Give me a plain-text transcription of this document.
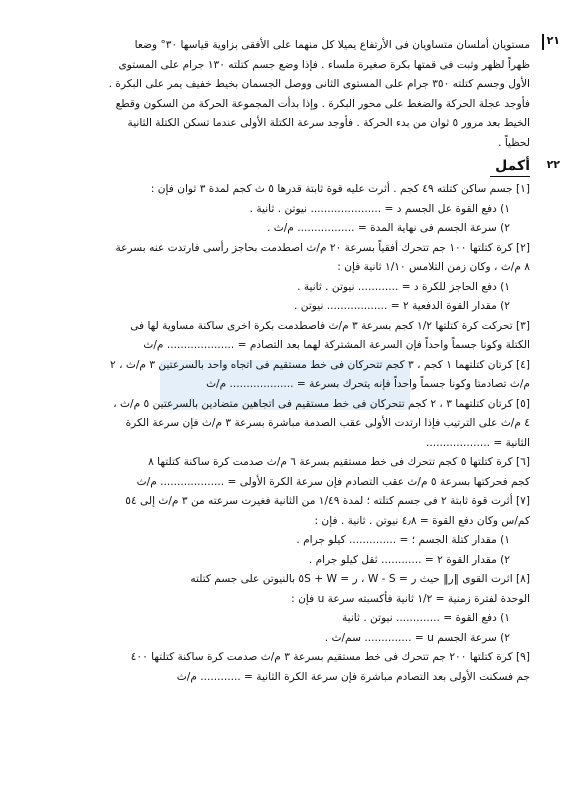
٢١
مستويان أملسان متساويان فى الأرتفاع يميلا كل منهما على الأفقى بزاوية قياسها ٣٠° وضعا
ظهراً لظهر وثبت فى قمتها بكرة صغيرة ملساء . فإذا وضع جسم كتلته ١٣٠ جرام على المستوى
الأول وجسم كتلته ٣٥٠ جرام على المستوى الثانى ووصل الجسمان بخيط خفيف يمر على البكرة .
فأوجد عجلة الحركة والضغط على محور البكرة . وإذا بدأت المجموعة الحركة من السكون وقطع
الخيط بعد مرور ٥ ثوان من بدء الحركة . فأوجد سرعة الكتلة الأولى عندما تسكن الكتلة الثانية
لحظياً .
٢٢
أكمل
[١] جسم ساكن كتلته ٤٩ كجم . أثرت عليه قوة ثابتة قدرها ٥ ث كجم لمدة ٣ ثوان فإن :
١) دفع القوة عل الجسم د = ..................... نيوتن . ثانية .
٢) سرعة الجسم فى نهاية المدة = ................. م/ث .
[٢] كرة كتلتها ١٠٠ جم تتحرك أفقياً بسرعة ٢٠ م/ث اصطدمت بحاجز رأسى فارتدت عنه بسرعة
٨ م/ث ، وكان زمن التلامس ١/١٠ ثانية فإن :
١) دفع الحاجز للكرة د = ............ نيوتن . ثانية .
٢) مقدار القوة الدفعية ٢ = .................. نيوتن .
[٣] تحركت كرة كتلتها ١/٢ كجم بسرعة ٣ م/ث فاصطدمت بكرة اخرى ساكنة مساوية لها فى
الكتلة وكونا جسماً واحداً فإن السرعة المشتركة لهما بعد التصادم = .................... م/ث
[٤] كرتان كتلتهما ١ كجم ، ٣ كجم تتحركان فى خط مستقيم فى اتجاه واحد بالسرعتين ٣ م/ث ، ٢
م/ث تصادمتا وكونا جسماً واحداً فإنه يتحرك بسرعة = ................... م/ث
[٥] كرتان كتلتهما ٣ ، ٢ كجم تتحركان فى خط مستقيم فى اتجاهين متضادين بالسرعتين ٥ م/ث ،
٤ م/ث على الترتيب فإذا ارتدت الأولى عقب الصدمة مباشرة بسرعة ٣ م/ث فإن سرعة الكرة
الثانية = ...................
[٦] كرة كتلتها ٥ كجم تتحرك فى خط مستقيم بسرعة ٦ م/ث صدمت كرة ساكنة كتلتها ٨
كجم فحركتها بسرعة ٥ م/ث عقب التصادم فإن سرعة الكرة الأولى = ................... م/ث
[٧] أثرت قوة ثابتة ٢ فى جسم كتلته ؛ لمدة ١/٤٩ من الثانية فغيرت سرعته من ٣ م/ث إلى ٥٤
كم/س وكان دفع القوة = ٤٫٨ نيوتن . ثانية . فإن :
١) مقدار كتلة الجسم ؛ = .............. كيلو جرام .
٢) مقدار القوة ٢ = ............ ثقل كيلو جرام .
[٨] اثرت القوى ‖ر‖ حيث ر = W - S ، ر = W + ٥S بالنيوتن على جسم كتلته
الوحدة لفترة زمنية = ١/٢ ثانية فأكسبته سرعة u فإن :
١) دفع القوة = ............. نيوتن . ثانية
٢) سرعة الجسم u = .............. سم/ث .
[٩] كرة كتلتها ٢٠٠ جم تتحرك فى خط مستقيم بسرعة ٣ م/ث صدمت كرة ساكنة كتلتها ٤٠٠
جم فسكنت الأولى بعد التصادم مباشرة فإن سرعة الكرة الثانية = ............ م/ث
